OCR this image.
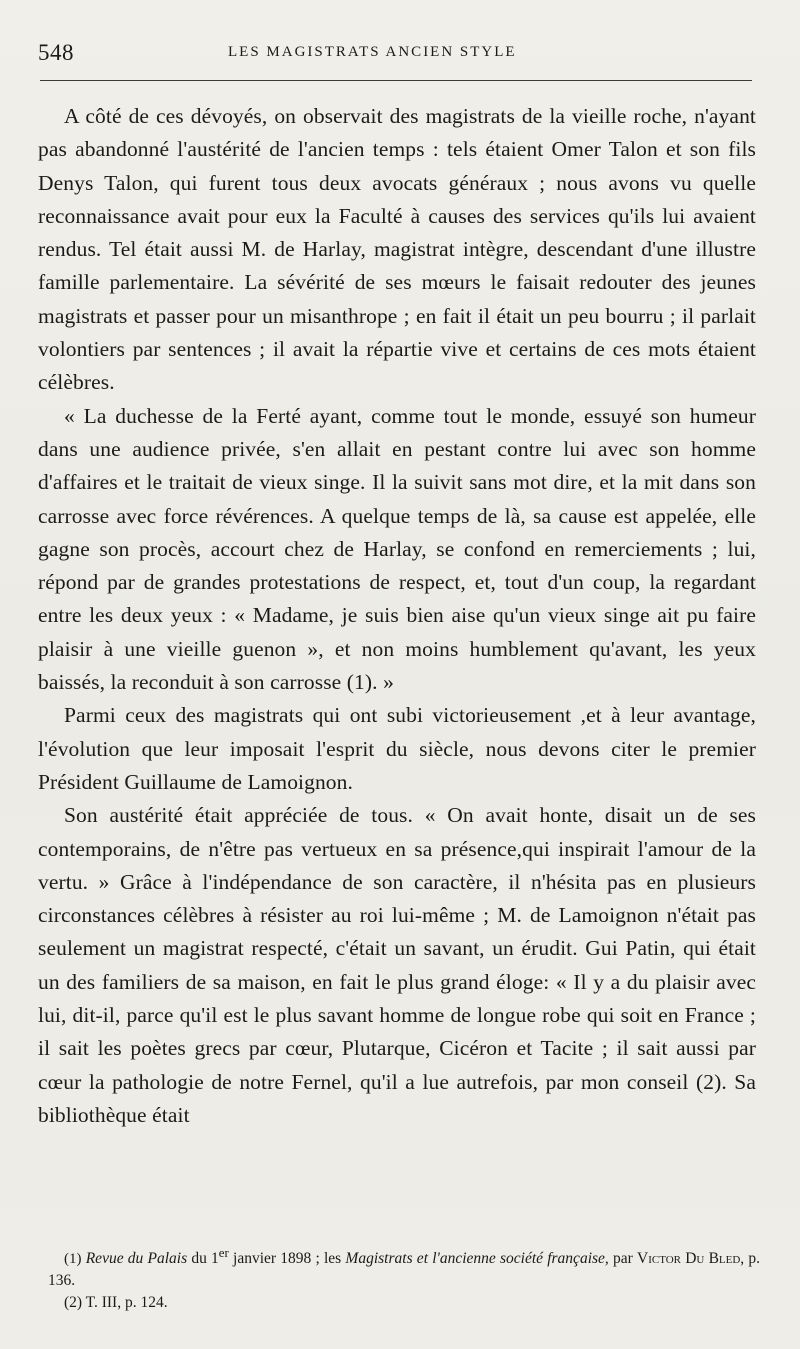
548	LES MAGISTRATS ANCIEN STYLE

A côté de ces dévoyés, on observait des magistrats de la vieille roche, n'ayant pas abandonné l'austérité de l'ancien temps : tels étaient Omer Talon et son fils Denys Talon, qui furent tous deux avocats généraux ; nous avons vu quelle reconnaissance avait pour eux la Faculté à causes des services qu'ils lui avaient rendus. Tel était aussi M. de Harlay, magistrat intègre, descendant d'une illustre famille parlementaire. La sévérité de ses mœurs le faisait redouter des jeunes magistrats et passer pour un misanthrope ; en fait il était un peu bourru ; il parlait volontiers par sentences ; il avait la répartie vive et certains de ces mots étaient célèbres.

« La duchesse de la Ferté ayant, comme tout le monde, essuyé son humeur dans une audience privée, s'en allait en pestant contre lui avec son homme d'affaires et le traitait de vieux singe. Il la suivit sans mot dire, et la mit dans son carrosse avec force révérences. A quelque temps de là, sa cause est appelée, elle gagne son procès, accourt chez de Harlay, se confond en remerciements ; lui, répond par de grandes protestations de respect, et, tout d'un coup, la regardant entre les deux yeux : « Madame, je suis bien aise qu'un vieux singe ait pu faire plaisir à une vieille guenon », et non moins humblement qu'avant, les yeux baissés, la reconduit à son carrosse (1). »

Parmi ceux des magistrats qui ont subi victorieusement ,et à leur avantage, l'évolution que leur imposait l'esprit du siècle, nous devons citer le premier Président Guillaume de Lamoignon.

Son austérité était appréciée de tous. « On avait honte, disait un de ses contemporains, de n'être pas vertueux en sa présence,qui inspirait l'amour de la vertu. » Grâce à l'indépendance de son caractère, il n'hésita pas en plusieurs circonstances célèbres à résister au roi lui-même ; M. de Lamoignon n'était pas seulement un magistrat respecté, c'était un savant, un érudit. Gui Patin, qui était un des familiers de sa maison, en fait le plus grand éloge: « Il y a du plaisir avec lui, dit-il, parce qu'il est le plus savant homme de longue robe qui soit en France ; il sait les poètes grecs par cœur, Plutarque, Cicéron et Tacite ; il sait aussi par cœur la pathologie de notre Fernel, qu'il a lue autrefois, par mon conseil (2). Sa bibliothèque était

(1) Revue du Palais du 1er janvier 1898 ; les Magistrats et l'ancienne société française, par Victor Du Bled, p. 136.

(2) T. III, p. 124.
